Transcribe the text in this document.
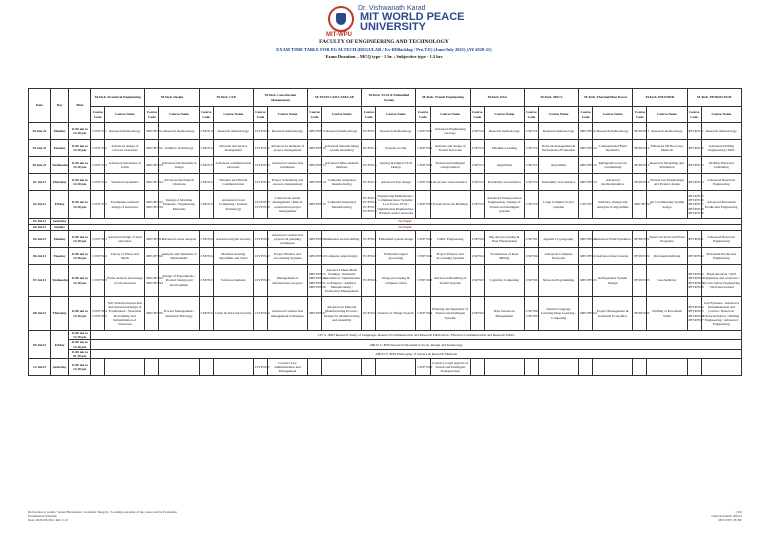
Dr. Vishwanath Karad
MIT WORLD PEACE UNIVERSITY
MIT-WPU
FACULTY OF ENGINEERING AND TECHNOLOGY
EXAM TIME TABLE FOR PG M.TECH (REGULAR / Ex-Ill/Backlog / Pro.T.E) (June/July 2021) (AY 2020-21)
Exam Duration – MCQ type - 1 hr. ; Subjective type - 1.5 hrs
Date	Day	Time	M.Tech. Structural Engineering		M.Tech. Design		M.Tech. CSE		M.Tech. Construction Management		M.TECH CAD/CAM/CAE		M.Tech. VLSI & Embedded System		M.Tech. Transit Engineering		M.Tech. DSA		M.Tech. MSCS		M.Tech. Thermal/Heat Power		M.Tech. PM.FMER		M.Tech. PETROLEUM	
			Course Code	Course Name	Course Code	Course Name	Course Code	Course Name	Course Code	Course Name	Course Code	Course Name	Course Code	Course Name	Course Code	Course Name	Course Code	Course Name	Course Code	Course Name	Course Code	Course Name	Course Code	Course Name	Course Code	Course Name
29.Jun.21	Monday	11.00 am to 12.30 pm	CIVE7011	Research methodology	MECH7011	Research methodology	CSE7011	Research methodology	CIVE7011	Research methodology	MECH7011	Research methodology	ECE7011	Research methodology	CIVE7011	Advanced Engineering Geology	CSE7011	Research methodology	CSE7011	Research methodology	MECH7011	Research methodology	PETR7011	Research methodology	PETR7011	Research methodology
29.Jun.21	Tuesday	11.00 am to 12.30 pm	CIVE7012	Advanced design of concrete structures	MECH7012	Additive Technology	CSE7012	Network and service management	CIVE7012	Advances in methods of project management	MECH7012	Advanced manufacturing system modelling	ECE7012	System on chip	CIVE7012	Analysis and design of Transit Networks	CSE7012	Machine Learning	CSE7012	Network management & Performance Evaluation	MECH7012	Computational Fluid Dynamics	PETR7012	Enhanced Oil Recovery Methods	PETR7012	Advanced Drilling Engineering I, ERS
30.Jun.21	Wednesday	11.00 am to 12.30 pm	CIVE7013	Advanced mechanics of solids	MECH7013	Advanced mechanisms in design	CSE7013	Advanced communication networks	CIVE7013	Advanced construction techniques	MECH7013	Advanced finite element methods	ECE7013	Analog & Digital VLSI Design	CIVE7013	Transit and intelligent transportation	CSE7013	Algorithms	CSE7013	Algorithms	MECH7013	Refrigeration and air conditioning	PETR7013	Reservoir Modelling and Simulation	PETR7013	Drilling Fluid and Cementing
01.Jul.21	Thursday	11.00 am to 12.30 pm	CIVE7014	Structural dynamics	MECH7014	Advanced mechanical vibrations	CSE7014	Wireless and Mobile Communication	CIVE7014	Project Scheduling and resource management	MECH7014	Computer integrated manufacturing	ECE7014	Advanced Test design	CIVE7014	Road user characteristics	CSE7014	Probability and statistics	CSE7014	Probability and statistics	MECH7014	Advanced thermodynamics	PETR7014	Natural Gas Engineering and Product design	PETR7014	Advanced Reservoir Engineering
02.Jul.21	Friday	11.00 am to 12.30 pm	CIVE7015	Earthquake resistant design of structures	MECH7015 MECH7016	Design of Machine Elements / Engineering Materials	CSE7015	Advanced Cloud Computing / Internet Technology	CIVE7015 CIVE7016	Contracts & tender management / Risk in construction project management	MECH7015	Computer Integrated Manufacturing	ECE7015 ECE7016 ECE7017 ECE7018	Engineering Mathematics / Communication Systems / Low Power VLSI / Optimization Engineering / Wireless sensor networks	CIVE7015	Transit Network Planning	CSE7015	Advanced Transportation Engineering / Design of Transit and Intelligent systems	CSE7015	Large Complex Social systems	CSE7015	Statistics, Design and Analysis of Algorithms	MECH7015	Air Conditioning System design	PETR7015 PETR7016 PETR7017 PETR7018 PETR7019	Advanced Petroleum Production Engineering
03.Jul.21	Saturday	No Paper																								
04.Jul.21	Sunday	No Paper																								
05.Jul.21	Monday	11.00 am to 12.30 pm	CIVE7021	Advanced design of steel structures	MECH7021	Advanced stress analysis	CSE7021	Advanced digital security	CIVE7021	Advanced construction projects & planning techniques	MECH7021	Simulation and modelling	ECE7021	Embedded system design	CIVE7021	Traffic Engineering	CSE7021	Big data processing & Data Warehousing	CSE7021	Applied Cryptography	MECH7021	Advanced Fluid Dynamics	PETR7021	Reservoir Rock and Fluid Properties	PETR7021	Advanced Reservoir Engineering
06.Jul.21	Tuesday	11.00 am to 12.30 pm	CIVE7022	Theory of Plates and Shells	MECH7022	Analysis and Synthesis of Mechanisms	CSE7022	Machine learning algorithms and Tools	CIVE7022	Project Finance and Accounting Systems	MECH7022	Computer aided design	ECE7022	Embedded signal processing	CIVE7022	Project Finance and Accounting Systems	CSE7022	Foundations of Data Mining	CSE7022	Advanced Computer Networks	MECH7022	Advanced heat transfer	PETR7022	Petroleum Refining	PETR7022	Petroleum Production Engineering
07.Jul.21	Wednesday	11.00 am to 12.30 pm	CIVE7023	Finite analysis and design of tall structures	MECH7023 MECH7024	Design of Experiments / Product Design and Development	CSE7023	Software methods	CIVE7023	Management of infrastructure projects	MECH7023 MECH7024 MECH7025 MECH7026	Advanced Sheet Metal Working / Industrial Automation / Optimization techniques / Additive Manufacturing / Production Management	ECE7023	Image processing & computer vision	CIVE7023	Advanced Modelling of Transit Systems	CSE7023	Cognitive Computing	CSE7023	Network Programming	MECH7023	Refrigeration System Design	PETR7023	Geochemistry	PETR7023 PETR7024 PETR7025 PETR7026	Basin Analysis / Well completion and workover / Process Safety Engineering / Well intervention
08.Jul.21	Thursday	11.00 am to 12.30 pm	CIVE7024 CIVE7025	Soil Structure Interaction and Advanced Design of Foundations / Structural Retrofitting and Rehabilitation of Structures	MECH7025	Process Management / Industrial Tribology	CSE7024	Cyber & Network Security	CIVE7024	Advanced construction management techniques	MECH7027	Advances in Material Manufacturing Process / Design for Manufacturing and Assembly	ECE7024	Internet of Things System	CIVE7024	Planning and Operation of Transit and Intelligent Systems	CSE7024	Data Science in Management	CSE7024 CSE7025	Natural Language Learning Deep Learning / Computing	MECH7024	Project Management & Industrial Economics	PETR7024	Drilling of Petroleum Wells	PETR7024 PETR7025 PETR7026 PETR7027	Gas Hydrates / Advanced Instrumentation and Control / Reservoir Characterization / Drilling Engineering / Advanced Engineering
09.Jul.21	Friday	11.00 am to 12.30 pm	CIV S- 8003 Research Study of Languages, Research Communication and Research Publication / Effective Communication and Research Ethics																							
		11.00 am to 12.30 pm	ABCD S- 8003 Research Information Tools, Design and Technology																							
		11.00 am to 01.30 pm	ABCD S- 8003 Philosophy of Science & Research Methods																							
12.Jul.21	Saturday	11.00 am to 12.30 pm							CIVE7025	Contract Law Administration and Management					CIVE7025	Contract, Legal Aspects of Transit and Intelligent Transportation										
Declaration of results/ Sexual Harassment / Academic Integrity / Learning outcomes of the course and its Evaluation
Examination Schedule
Date: 28/JUNE/2021 Ref: C-01
CEO
Chief Academic Officer
MIT-WPU, PUNE
